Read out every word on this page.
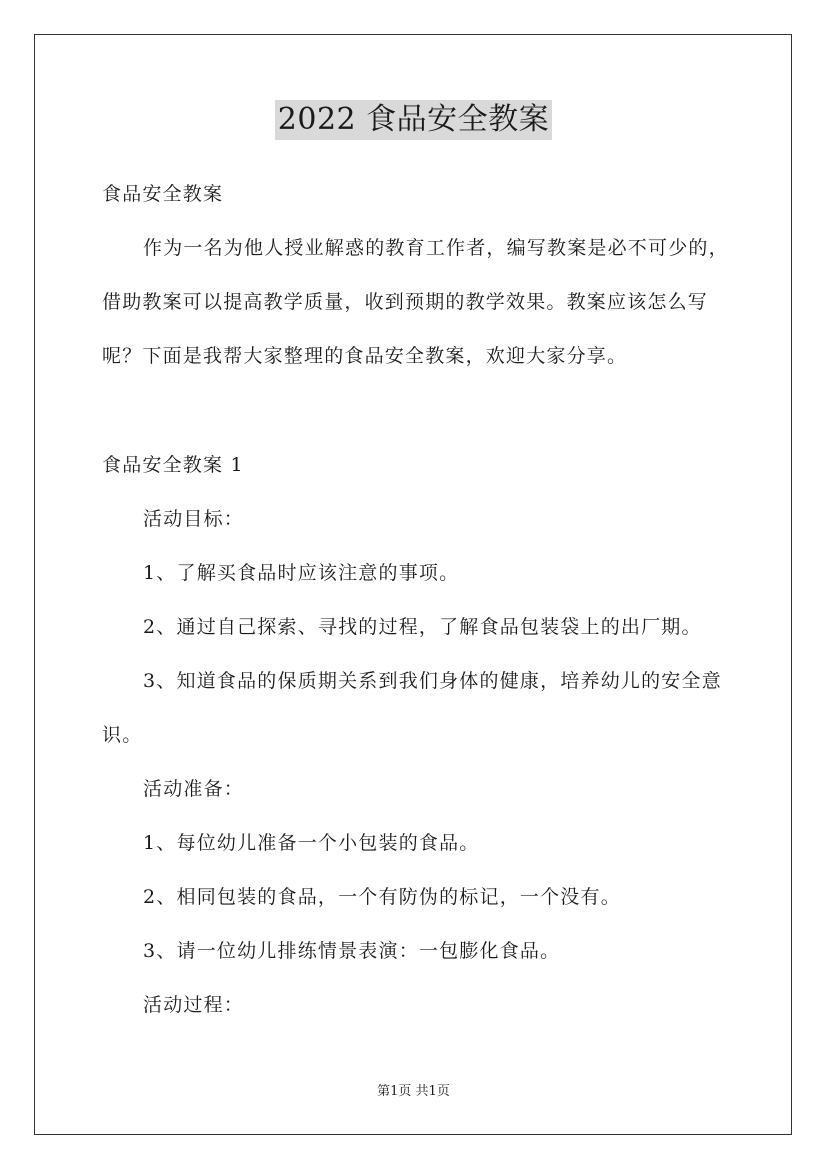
2022 食品安全教案
食品安全教案
作为一名为他人授业解惑的教育工作者，编写教案是必不可少的，
借助教案可以提高教学质量，收到预期的教学效果。教案应该怎么写
呢？下面是我帮大家整理的食品安全教案，欢迎大家分享。
食品安全教案 1
活动目标：
1、了解买食品时应该注意的事项。
2、通过自己探索、寻找的过程，了解食品包装袋上的出厂期。
3、知道食品的保质期关系到我们身体的健康，培养幼儿的安全意
识。
活动准备：
1、每位幼儿准备一个小包装的食品。
2、相同包装的食品，一个有防伪的标记，一个没有。
3、请一位幼儿排练情景表演：一包膨化食品。
活动过程：
第1页 共1页
